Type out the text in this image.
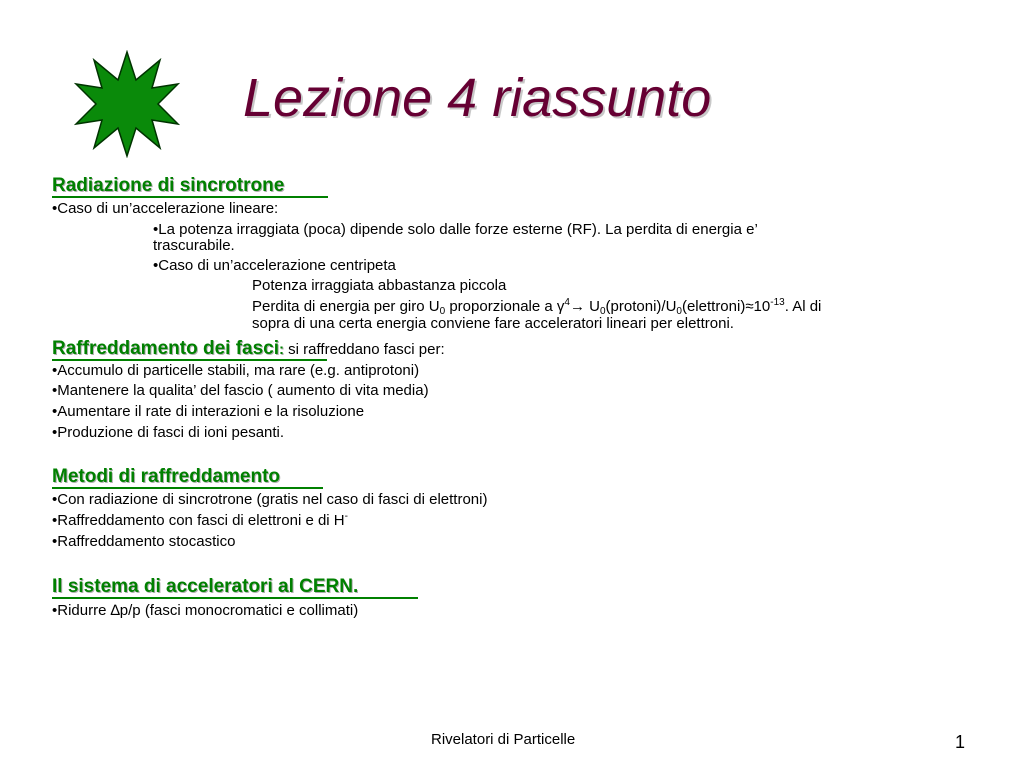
Lezione 4 riassunto
Radiazione di sincrotrone
•Caso di un’accelerazione lineare:
•La potenza irraggiata (poca) dipende solo dalle forze esterne (RF). La perdita di energia e’
trascurabile.
•Caso di un’accelerazione centripeta
Potenza irraggiata abbastanza piccola
Perdita di energia per giro $U_0$ proporzionale a $\gamma^4\to$ $U_0(protoni)/U_0(elettroni)\approx 10^{-13}$. Al di
sopra di una certa energia conviene fare acceleratori lineari per elettroni.
Raffreddamento dei fasci: si raffreddano fasci per:
•Accumulo di particelle stabili, ma rare (e.g. antiprotoni)
•Mantenere la qualita’ del fascio ( aumento di vita media)
•Aumentare il rate di interazioni e la risoluzione
•Produzione di fasci di ioni pesanti.
Metodi di raffreddamento
•Con radiazione di sincrotrone (gratis nel caso di fasci di elettroni)
•Raffreddamento con fasci di elettroni e di H-
•Raffreddamento stocastico
Il sistema di acceleratori al CERN.
•Ridurre ∆p/p (fasci monocromatici e collimati)
Rivelatori di Particelle	1
